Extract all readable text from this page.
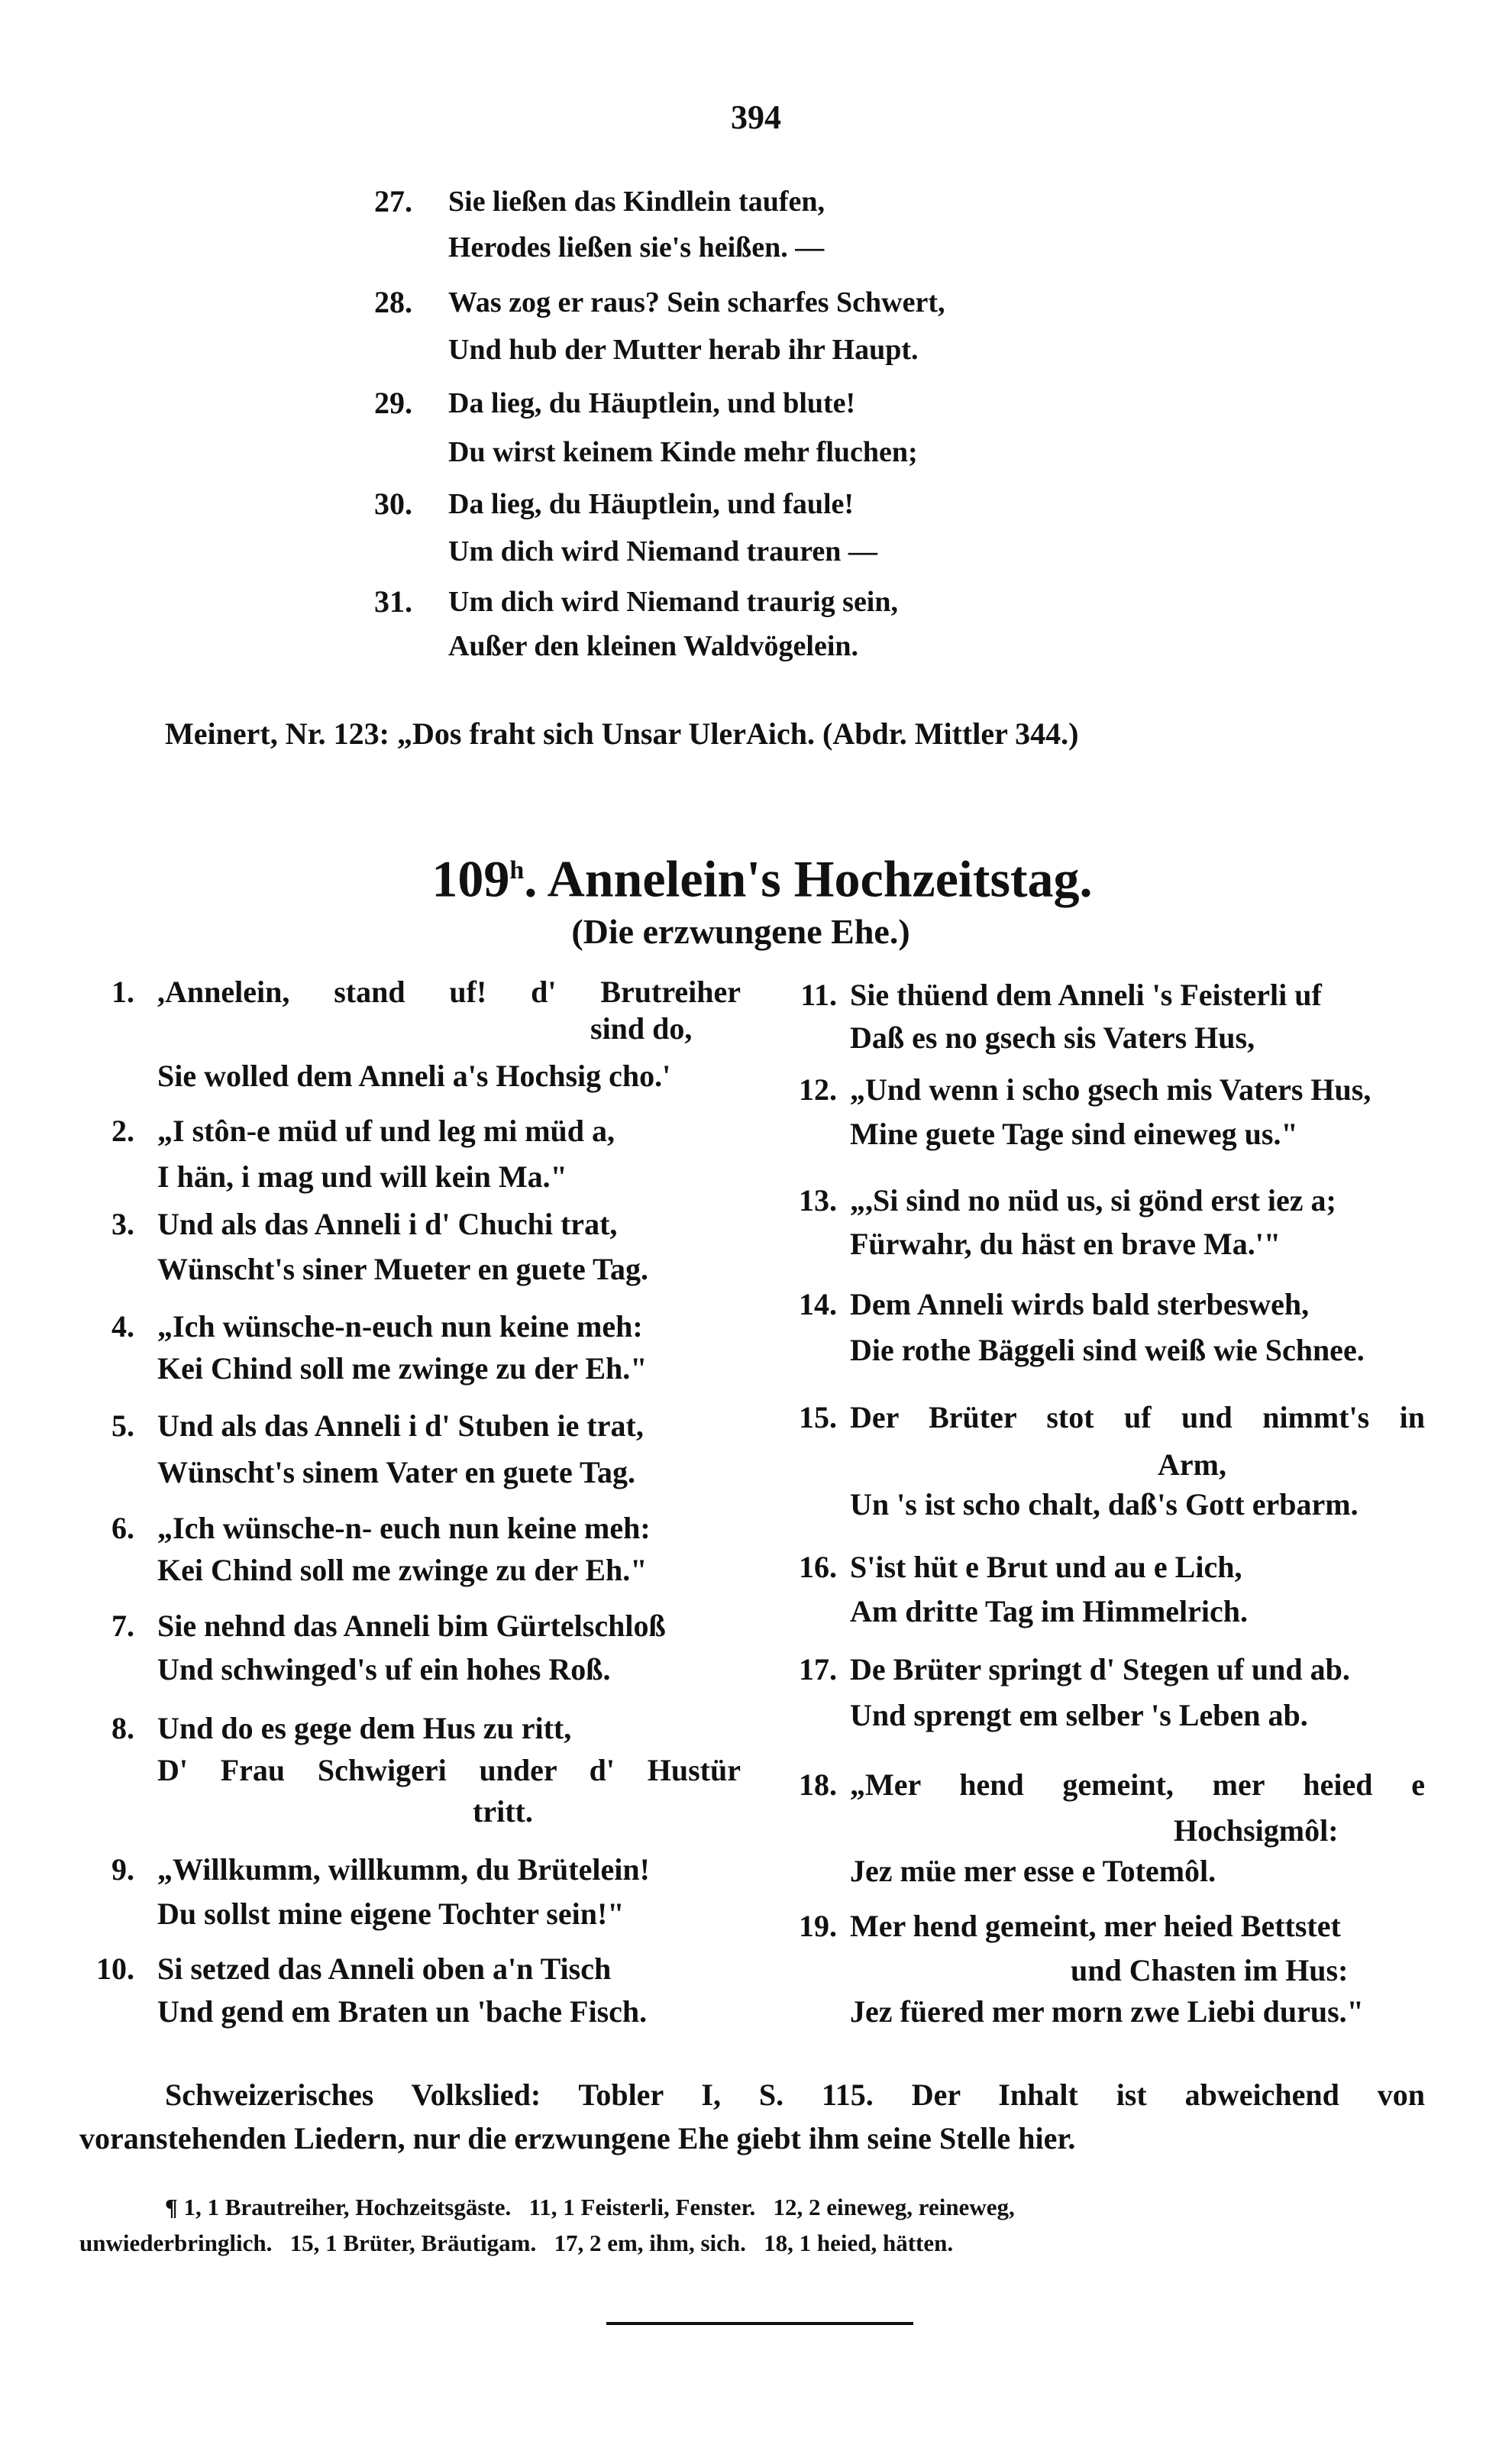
394
27. Sie ließen das Kindlein taufen,
Herodes ließen sie's heißen. —
28. Was zog er raus? Sein scharfes Schwert,
Und hub der Mutter herab ihr Haupt.
29. Da lieg, du Häuptlein, und blute!
Du wirst keinem Kinde mehr fluchen;
30. Da lieg, du Häuptlein, und faule!
Um dich wird Niemand trauren —
31. Um dich wird Niemand traurig sein,
Außer den kleinen Waldvögelein.
Meinert, Nr. 123: „Dos fraht sich Unsar UlerAich. (Abdr. Mittler 344.)
109$^h$. Annelein's Hochzeitstag.
(Die erzwungene Ehe.)
1. ,Annelein, stand uf! d' Brutreiher
sind do,
Sie wolled dem Anneli a's Hochsig cho.'
2. „I stôn-e müd uf und leg mi müd a,
I hän, i mag und will kein Ma."
3. Und als das Anneli i d' Chuchi trat,
Wünscht's siner Mueter en guete Tag.
4. „Ich wünsche-n-euch nun keine meh:
Kei Chind soll me zwinge zu der Eh."
5. Und als das Anneli i d' Stuben ie trat,
Wünscht's sinem Vater en guete Tag.
6. „Ich wünsche-n- euch nun keine meh:
Kei Chind soll me zwinge zu der Eh."
7. Sie nehnd das Anneli bim Gürtelschloß
Und schwinged's uf ein hohes Roß.
8. Und do es gege dem Hus zu ritt,
D' Frau Schwigeri under d' Hustür
tritt.
9. „Willkumm, willkumm, du Brütelein!
Du sollst mine eigene Tochter sein!"
10. Si setzed das Anneli oben a'n Tisch
Und gend em Braten un 'bache Fisch.
11. Sie thüend dem Anneli 's Feisterli uf
Daß es no gsech sis Vaters Hus,
12. „Und wenn i scho gsech mis Vaters Hus,
Mine guete Tage sind eineweg us."
13. „,Si sind no nüd us, si gönd erst iez a;
Fürwahr, du häst en brave Ma.'"
14. Dem Anneli wirds bald sterbesweh,
Die rothe Bäggeli sind weiß wie Schnee.
15. Der Brüter stot uf und nimmt's in
Arm,
Un 's ist scho chalt, daß's Gott erbarm.
16. S'ist hüt e Brut und au e Lich,
Am dritte Tag im Himmelrich.
17. De Brüter springt d' Stegen uf und ab.
Und sprengt em selber 's Leben ab.
18. „Mer hend gemeint, mer heied e
Hochsigmôl:
Jez müe mer esse e Totemôl.
19. Mer hend gemeint, mer heied Bettstet
und Chasten im Hus:
Jez füered mer morn zwe Liebi durus."
Schweizerisches Volkslied: Tobler I, S. 115. Der Inhalt ist abweichend von
voranstehenden Liedern, nur die erzwungene Ehe giebt ihm seine Stelle hier.
¶ 1, 1 Brautreiher, Hochzeitsgäste.   11, 1 Feisterli, Fenster.   12, 2 eineweg, reineweg,
unwiederbringlich.   15, 1 Brüter, Bräutigam.   17, 2 em, ihm, sich.   18, 1 heied, hätten.
